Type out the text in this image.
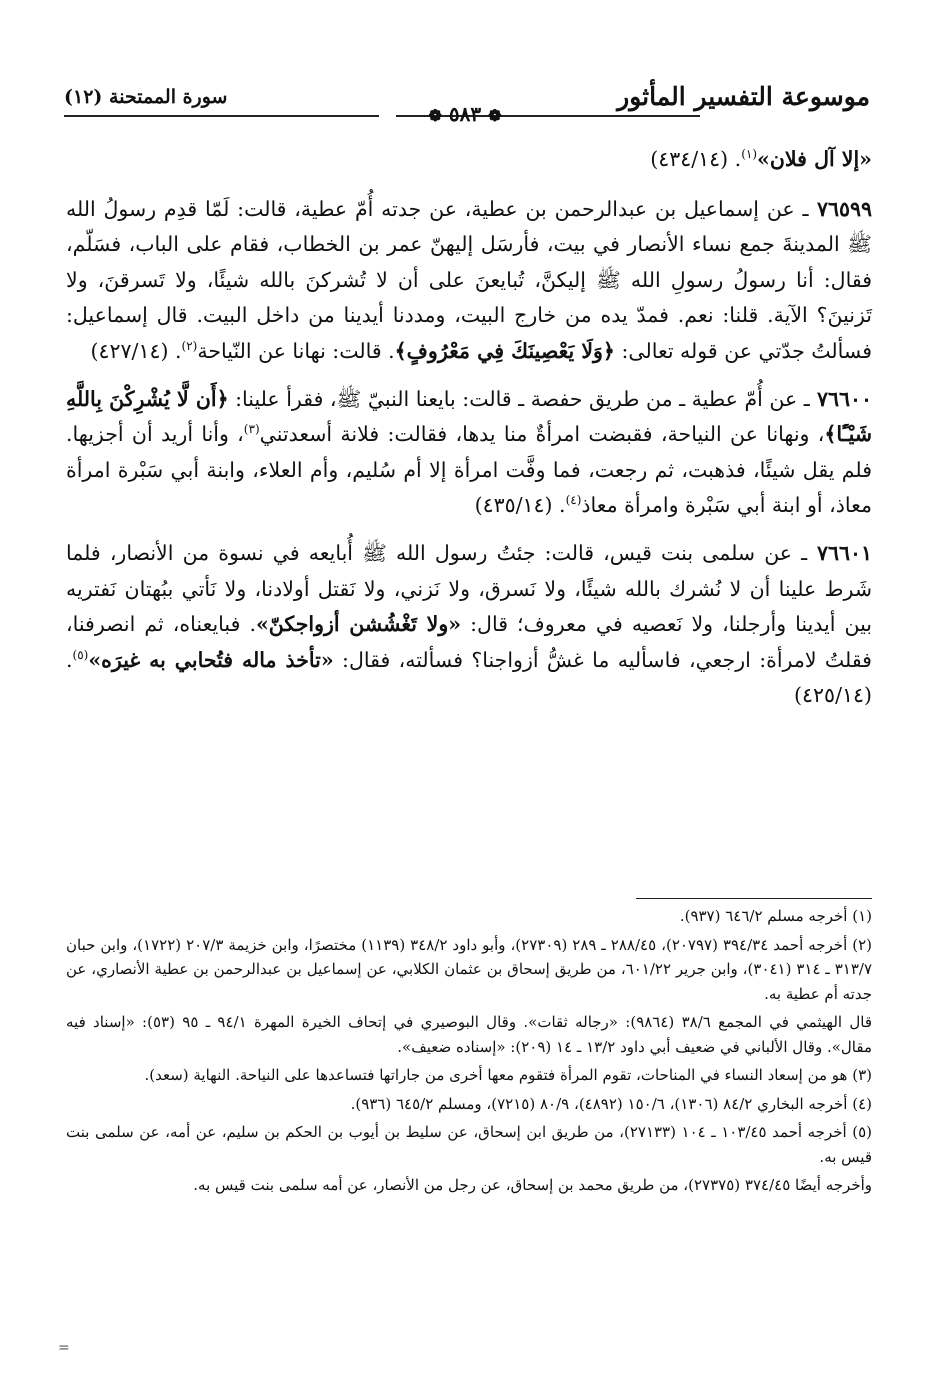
موسوعة التفسير المأثور
❁ ٥٨٣ ❁
سورة الممتحنة (١٢)

«إلا آل فلان»$^{(١)}$. (٤٣٤/١٤)

٧٦٥٩٩ ـ عن إسماعيل بن عبدالرحمن بن عطية، عن جدته أُمّ عطية، قالت: لَمّا قدِم رسولُ الله ﷺ المدينةَ جمع نساء الأنصار في بيت، فأرسَل إليهنّ عمر بن الخطاب، فقام على الباب، فسَلّم، فقال: أنا رسولُ رسولِ الله ﷺ إليكنَّ، تُبايعنَ على أن لا تُشركنَ بالله شيئًا، ولا تَسرقنَ، ولا تَزنينَ؟ الآية. قلنا: نعم. فمدّ يده من خارج البيت، ومددنا أيدينا من داخل البيت. قال إسماعيل: فسألتُ جدّتي عن قوله تعالى: ﴿وَلَا يَعْصِينَكَ فِي مَعْرُوفٍ﴾. قالت: نهانا عن النّياحة$^{(٢)}$. (٤٢٧/١٤)

٧٦٦٠٠ ـ عن أُمّ عطية ـ من طريق حفصة ـ قالت: بايعنا النبيّ ﷺ، فقرأ علينا: ﴿أَن لَّا يُشْرِكْنَ بِاللَّهِ شَيْـًٔا﴾، ونهانا عن النياحة، فقبضت امرأةٌ منا يدها، فقالت: فلانة أسعدتني$^{(٣)}$، وأنا أريد أن أجزيها. فلم يقل شيئًا، فذهبت، ثم رجعت، فما وفَّت امرأة إلا أم سُليم، وأم العلاء، وابنة أبي سَبْرة امرأة معاذ، أو ابنة أبي سَبْرة وامرأة معاذ$^{(٤)}$. (٤٣٥/١٤)

٧٦٦٠١ ـ عن سلمى بنت قيس، قالت: جئتُ رسول الله ﷺ أُبايعه في نسوة من الأنصار، فلما شَرط علينا أن لا نُشرك بالله شيئًا، ولا نَسرق، ولا نَزني، ولا نَقتل أولادنا، ولا نَأتي ببُهتان نَفتريه بين أيدينا وأرجلنا، ولا نَعصيه في معروف؛ قال: «ولا تَغْشُشن أزواجكنّ». فبايعناه، ثم انصرفنا، فقلتُ لامرأة: ارجعي، فاسأليه ما غشُّ أزواجنا؟ فسألته، فقال: «تأخذ ماله فتُحابي به غيرَه»$^{(٥)}$. (٤٢٥/١٤)

(١) أخرجه مسلم ٦٤٦/٢ (٩٣٧).

(٢) أخرجه أحمد ٣٩٤/٣٤ (٢٠٧٩٧)، ٢٨٨/٤٥ ـ ٢٨٩ (٢٧٣٠٩)، وأبو داود ٣٤٨/٢ (١١٣٩) مختصرًا، وابن خزيمة ٢٠٧/٣ (١٧٢٢)، وابن حبان ٣١٣/٧ ـ ٣١٤ (٣٠٤١)، وابن جرير ٦٠١/٢٢، من طريق إسحاق بن عثمان الكلابي، عن إسماعيل بن عبدالرحمن بن عطية الأنصاري، عن جدته أم عطية به.

قال الهيثمي في المجمع ٣٨/٦ (٩٨٦٤): «رجاله ثقات». وقال البوصيري في إتحاف الخيرة المهرة ٩٤/١ ـ ٩٥ (٥٣): «إسناد فيه مقال». وقال الألباني في ضعيف أبي داود ١٣/٢ ـ ١٤ (٢٠٩): «إسناده ضعيف».

(٣) هو من إسعاد النساء في المناحات، تقوم المرأة فتقوم معها أخرى من جاراتها فتساعدها على النياحة. النهاية (سعد).

(٤) أخرجه البخاري ٨٤/٢ (١٣٠٦)، ١٥٠/٦ (٤٨٩٢)، ٨٠/٩ (٧٢١٥)، ومسلم ٦٤٥/٢ (٩٣٦).

(٥) أخرجه أحمد ١٠٣/٤٥ ـ ١٠٤ (٢٧١٣٣)، من طريق ابن إسحاق، عن سليط بن أيوب بن الحكم بن سليم، عن أمه، عن سلمى بنت قيس به.

وأخرجه أيضًا ٣٧٤/٤٥ (٢٧٣٧٥)، من طريق محمد بن إسحاق، عن رجل من الأنصار، عن أمه سلمى بنت قيس به.

=
